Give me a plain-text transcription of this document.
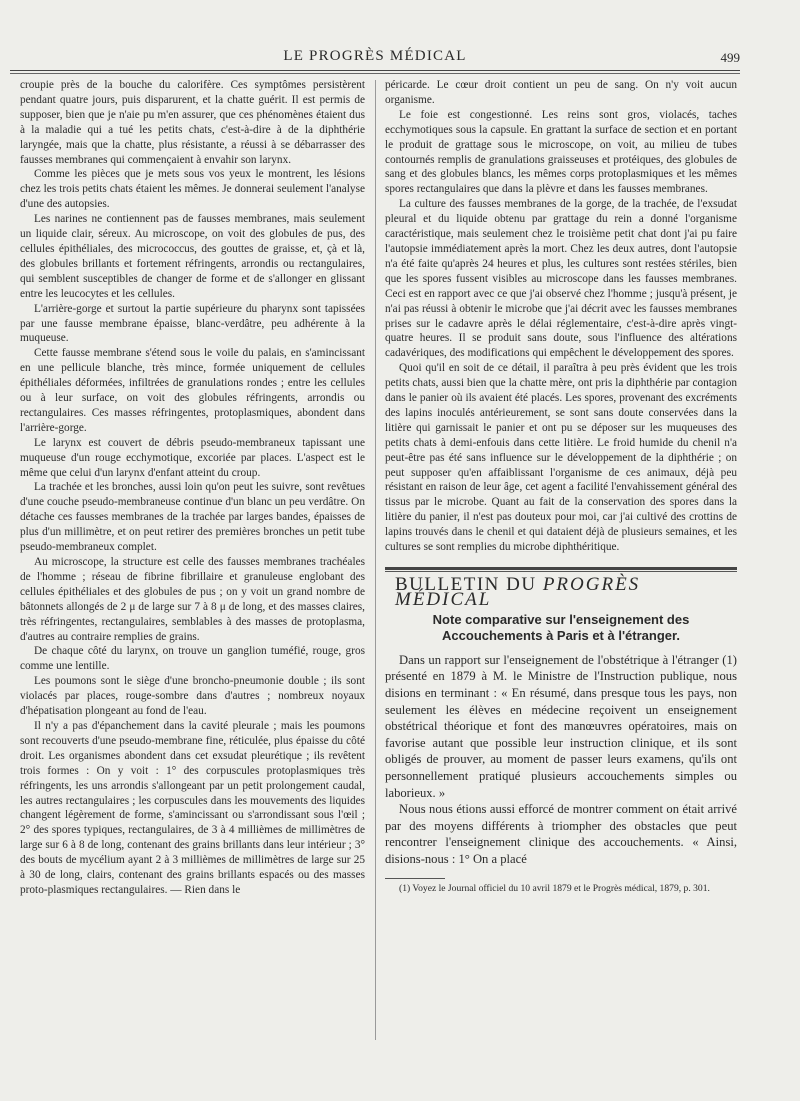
LE PROGRÈS MÉDICAL	499

croupie près de la bouche du calorifère. Ces symptômes persistèrent pendant quatre jours, puis disparurent, et la chatte guérit. Il est permis de supposer, bien que je n'aie pu m'en assurer, que ces phénomènes étaient dus à la maladie qui a tué les petits chats, c'est-à-dire à de la diphthérie laryngée, mais que la chatte, plus résistante, a réussi à se débarrasser des fausses membranes qui commençaient à envahir son larynx.

Comme les pièces que je mets sous vos yeux le montrent, les lésions chez les trois petits chats étaient les mêmes. Je donnerai seulement l'analyse d'une des autopsies.

Les narines ne contiennent pas de fausses membranes, mais seulement un liquide clair, séreux. Au microscope, on voit des globules de pus, des cellules épithéliales, des micrococcus, des gouttes de graisse, et, çà et là, des globules brillants et fortement réfringents, arrondis ou rectangulaires, qui semblent susceptibles de changer de forme et de s'allonger en glissant entre les leucocytes et les cellules.

L'arrière-gorge et surtout la partie supérieure du pharynx sont tapissées par une fausse membrane épaisse, blanc-verdâtre, peu adhérente à la muqueuse.

Cette fausse membrane s'étend sous le voile du palais, en s'amincissant en une pellicule blanche, très mince, formée uniquement de cellules épithéliales déformées, infiltrées de granulations rondes ; entre les cellules ou à leur surface, on voit des globules réfringents, arrondis ou rectangulaires. Ces masses réfringentes, protoplasmiques, abondent dans l'arrière-gorge.

Le larynx est couvert de débris pseudo-membraneux tapissant une muqueuse d'un rouge ecchymotique, excoriée par places. L'aspect est le même que celui d'un larynx d'enfant atteint du croup.

La trachée et les bronches, aussi loin qu'on peut les suivre, sont revêtues d'une couche pseudo-membraneuse continue d'un blanc un peu verdâtre. On détache ces fausses membranes de la trachée par larges bandes, épaisses de plus d'un millimètre, et on peut retirer des premières bronches un petit tube pseudo-membraneux complet.

Au microscope, la structure est celle des fausses membranes trachéales de l'homme ; réseau de fibrine fibrillaire et granuleuse englobant des cellules épithéliales et des globules de pus ; on y voit un grand nombre de bâtonnets allongés de 2 μ de large sur 7 à 8 μ de long, et des masses claires, très réfringentes, rectangulaires, semblables à des masses de protoplasma, d'autres au contraire remplies de grains.

De chaque côté du larynx, on trouve un ganglion tuméfié, rouge, gros comme une lentille.

Les poumons sont le siège d'une broncho-pneumonie double ; ils sont violacés par places, rouge-sombre dans d'autres ; nombreux noyaux d'hépatisation plongeant au fond de l'eau.

Il n'y a pas d'épanchement dans la cavité pleurale ; mais les poumons sont recouverts d'une pseudo-membrane fine, réticulée, plus épaisse du côté droit. Les organismes abondent dans cet exsudat pleurétique ; ils revêtent trois formes : On y voit : 1° des corpuscules protoplasmiques très réfringents, les uns arrondis s'allongeant par un petit prolongement caudal, les autres rectangulaires ; les corpuscules dans les mouvements des liquides changent légèrement de forme, s'amincissant ou s'arrondissant sous l'œil ; 2° des spores typiques, rectangulaires, de 3 à 4 millièmes de millimètres de large sur 6 à 8 de long, contenant des grains brillants dans leur intérieur ; 3° des bouts de mycélium ayant 2 à 3 millièmes de millimètres de large sur 25 à 30 de long, clairs, contenant des grains brillants espacés ou des masses proto-plasmiques rectangulaires. — Rien dans le

péricarde. Le cœur droit contient un peu de sang. On n'y voit aucun organisme.

Le foie est congestionné. Les reins sont gros, violacés, taches ecchymotiques sous la capsule. En grattant la surface de section et en portant le produit de grattage sous le microscope, on voit, au milieu de tubes contournés remplis de granulations graisseuses et protéiques, des globules de sang et des globules blancs, les mêmes corps protoplasmiques et les mêmes spores rectangulaires que dans la plèvre et dans les fausses membranes.

La culture des fausses membranes de la gorge, de la trachée, de l'exsudat pleural et du liquide obtenu par grattage du rein a donné l'organisme caractéristique, mais seulement chez le troisième petit chat dont j'ai pu faire l'autopsie immédiatement après la mort. Chez les deux autres, dont l'autopsie n'a été faite qu'après 24 heures et plus, les cultures sont restées stériles, bien que les spores fussent visibles au microscope dans les fausses membranes. Ceci est en rapport avec ce que j'ai observé chez l'homme ; jusqu'à présent, je n'ai pas réussi à obtenir le microbe que j'ai décrit avec les fausses membranes prises sur le cadavre après le délai réglementaire, c'est-à-dire après vingt-quatre heures. Il se produit sans doute, sous l'influence des altérations cadavériques, des modifications qui empêchent le développement des spores.

Quoi qu'il en soit de ce détail, il paraîtra à peu près évident que les trois petits chats, aussi bien que la chatte mère, ont pris la diphthérie par contagion dans le panier où ils avaient été placés. Les spores, provenant des excréments des lapins inoculés antérieurement, se sont sans doute conservées dans la litière qui garnissait le panier et ont pu se déposer sur les muqueuses des petits chats à demi-enfouis dans cette litière. Le froid humide du chenil n'a peut-être pas été sans influence sur le développement de la diphthérie ; on peut supposer qu'en affaiblissant l'organisme de ces animaux, déjà peu résistant en raison de leur âge, cet agent a facilité l'envahissement général des tissus par le microbe. Quant au fait de la conservation des spores dans la litière du panier, il n'est pas douteux pour moi, car j'ai cultivé des crottins de lapins trouvés dans le chenil et qui dataient déjà de plusieurs semaines, et les cultures se sont remplies du microbe diphthéritique.

BULLETIN DU PROGRÈS MÉDICAL
Note comparative sur l'enseignement des
Accouchements à Paris et à l'étranger.

Dans un rapport sur l'enseignement de l'obstétrique à l'étranger (1) présenté en 1879 à M. le Ministre de l'Instruction publique, nous disions en terminant : « En résumé, dans presque tous les pays, non seulement les élèves en médecine reçoivent un enseignement obstétrical théorique et font des manœuvres opératoires, mais on favorise autant que possible leur instruction clinique, et ils sont obligés de prouver, au moment de passer leurs examens, qu'ils ont personnellement pratiqué plusieurs accouchements simples ou laborieux. »

Nous nous étions aussi efforcé de montrer comment on était arrivé par des moyens différents à triompher des obstacles que peut rencontrer l'enseignement clinique des accouchements. « Ainsi, disions-nous : 1° On a placé

(1) Voyez le Journal officiel du 10 avril 1879 et le Progrès médical, 1879, p. 301.
